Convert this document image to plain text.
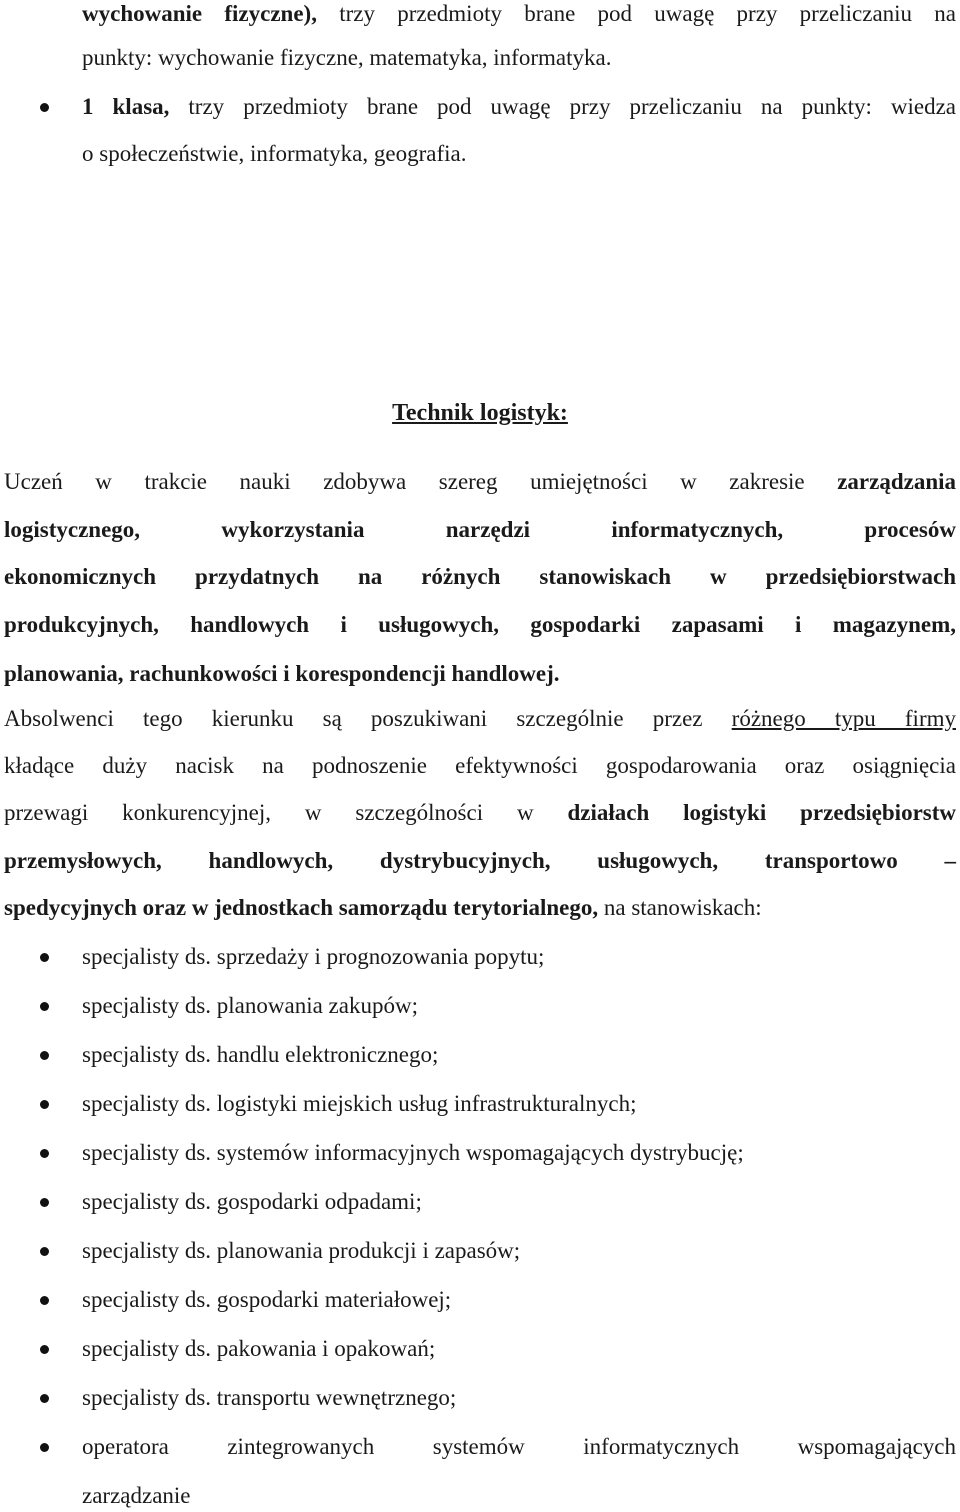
wychowanie fizyczne), trzy przedmioty brane pod uwagę przy przeliczaniu na
punkty: wychowanie fizyczne, matematyka, informatyka.
1 klasa, trzy przedmioty brane pod uwagę przy przeliczaniu na punkty: wiedza
o społeczeństwie, informatyka, geografia.
Technik logistyk:
Uczeń w trakcie nauki zdobywa szereg umiejętności w zakresie zarządzania
logistycznego, wykorzystania narzędzi informatycznych, procesów
ekonomicznych przydatnych na różnych stanowiskach w przedsiębiorstwach
produkcyjnych, handlowych i usługowych, gospodarki zapasami i magazynem,
planowania, rachunkowości i korespondencji handlowej.
Absolwenci tego kierunku są poszukiwani szczególnie przez różnego typu firmy
kładące duży nacisk na podnoszenie efektywności gospodarowania oraz osiągnięcia
przewagi konkurencyjnej, w szczególności w działach logistyki przedsiębiorstw
przemysłowych, handlowych, dystrybucyjnych, usługowych, transportowo –
spedycyjnych oraz w jednostkach samorządu terytorialnego, na stanowiskach:
specjalisty ds. sprzedaży i prognozowania popytu;
specjalisty ds. planowania zakupów;
specjalisty ds. handlu elektronicznego;
specjalisty ds. logistyki miejskich usług infrastrukturalnych;
specjalisty ds. systemów informacyjnych wspomagających dystrybucję;
specjalisty ds. gospodarki odpadami;
specjalisty ds. planowania produkcji i zapasów;
specjalisty ds. gospodarki materiałowej;
specjalisty ds. pakowania i opakowań;
specjalisty ds. transportu wewnętrznego;
operatora zintegrowanych systemów informatycznych wspomagających
zarządzanie
